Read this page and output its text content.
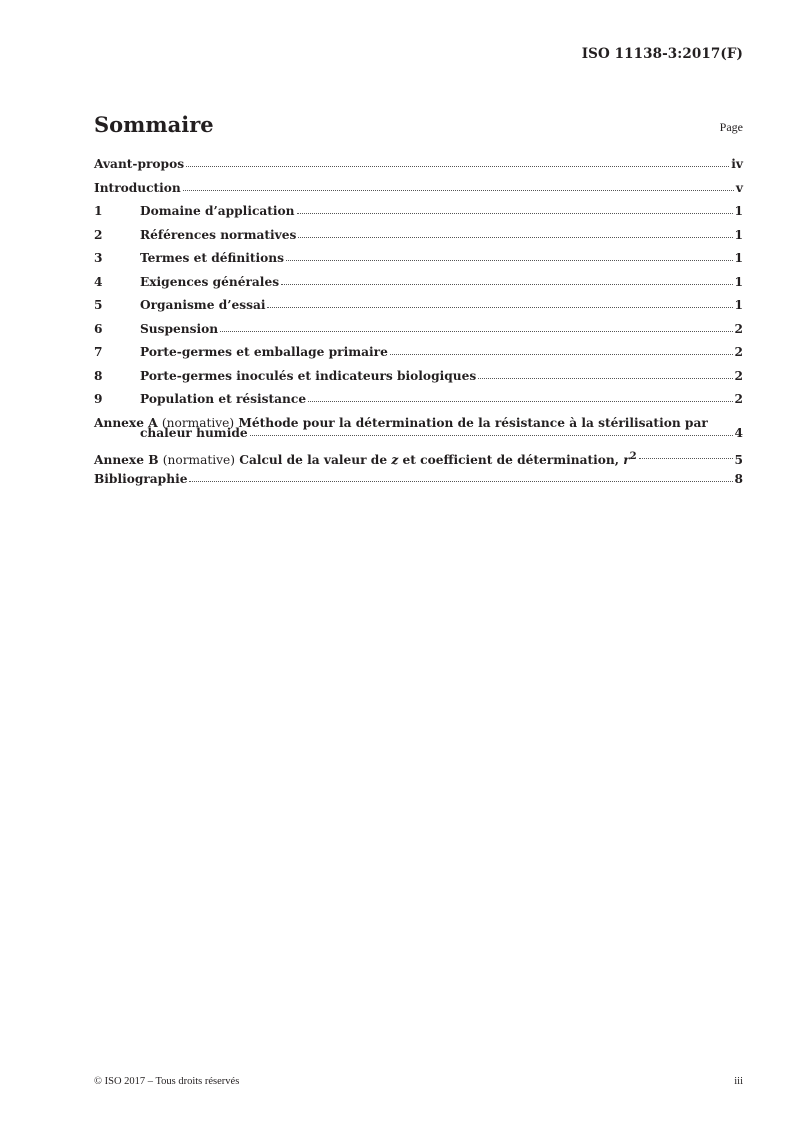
ISO 11138-3:2017(F)
Sommaire	Page
Avant-propos	iv
Introduction	v
1	Domaine d’application	1
2	Références normatives	1
3	Termes et définitions	1
4	Exigences générales	1
5	Organisme d’essai	1
6	Suspension	2
7	Porte-germes et emballage primaire	2
8	Porte-germes inoculés et indicateurs biologiques	2
9	Population et résistance	2
Annexe A (normative) Méthode pour la détermination de la résistance à la stérilisation par
chaleur humide	4
Annexe B (normative) Calcul de la valeur de z et coefficient de détermination, $r^2$	5
Bibliographie	8
© ISO 2017 – Tous droits réservés	iii
